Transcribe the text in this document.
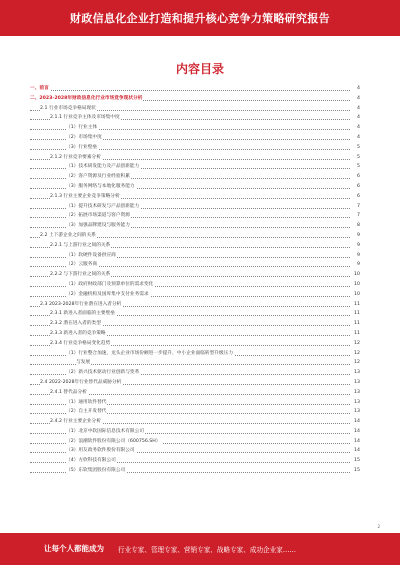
财政信息化企业打造和提升核心竞争力策略研究报告
内容目录
一、前言	4
二、2023-2028年财政信息化行业市场竞争现状分析	4
2.1 行业市场竞争格局现状	4
2.1.1 行业竞争主体及市场集中度	4
（1）行业主体	4
（2）市场集中度	4
（3）行业壁垒	5
2.1.2 行业竞争要素分析	5
（1）技术研发能力及产品创新能力	5
（2）客户资源及行业经验积累	6
（3）服务网络与本地化服务能力	6
2.1.3 行业主要企业竞争策略分析	6
（1）提升技术研发与产品创新能力	7
（2）拓展市场渠道与客户资源	7
（3）加强品牌建设与服务能力	8
2.2 上下游企业之间的关系	9
2.2.1 与上游行业之间的关系	9
（1）软硬件设备供应商	9
（2）云服务商	9
2.2.2 与下游行业之间的关系	10
（1）政府财政部门及预算单位的需求变化	10
（2）金融机构及国库集中支付业务需求	10
2.3 2023-2028年行业潜在进入者分析	11
2.3.1 新进入者面临的主要壁垒	11
2.3.2 潜在进入者的类型	11
2.3.3 新进入者的竞争策略	11
2.3.4 行业竞争格局变化趋势	12
（1）行业整合加速，龙头企业市场份额进一步提升，中小企业面临转型升级压力	12
与发展	12
（2）新兴技术驱动行业创新与变革	13
2.4 2022-2028年行业替代品威胁分析	13
2.4.1 替代品分析	13
（1）通用软件替代	13
（2）自主开发替代	13
2.4.2 行业主要企业分析	14
（1）北京中软国际信息技术有限公司	14
（2）浪潮软件股份有限公司（600756.SH）	14
（3）用友政务软件股份有限公司	14
（4）方欣科技有限公司	15
（5）东软集团股份有限公司	15
2
让每个人都能成为 行业专家、管理专家、营销专家、战略专家、成功企业家……
